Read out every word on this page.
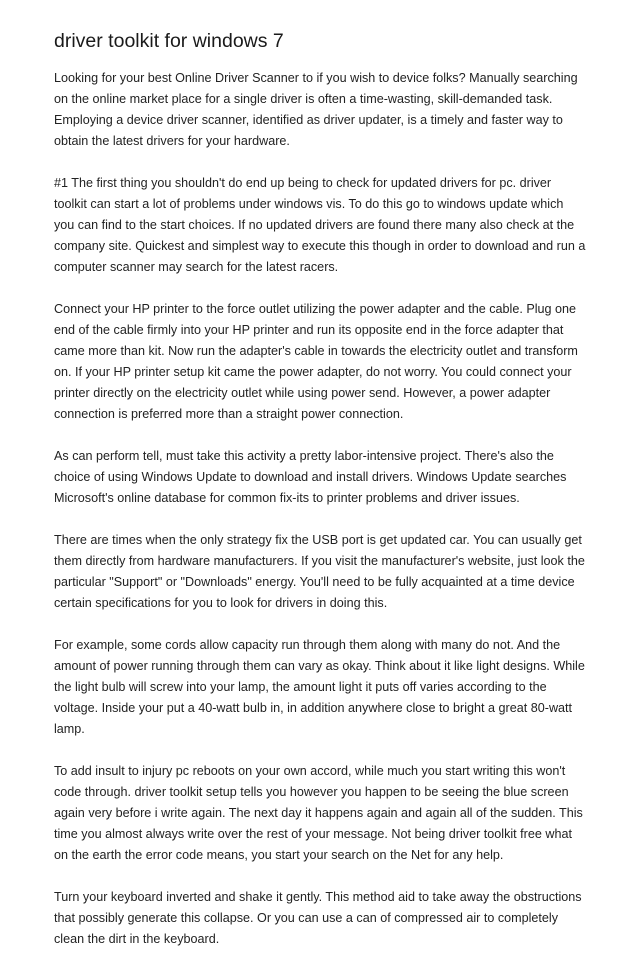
driver toolkit for windows 7

Looking for your best Online Driver Scanner to if you wish to device folks? Manually searching on the online market place for a single driver is often a time-wasting, skill-demanded task. Employing a device driver scanner, identified as driver updater, is a timely and faster way to obtain the latest drivers for your hardware.

#1 The first thing you shouldn't do end up being to check for updated drivers for pc. driver toolkit can start a lot of problems under windows vis. To do this go to windows update which you can find to the start choices. If no updated drivers are found there many also check at the company site. Quickest and simplest way to execute this though in order to download and run a computer scanner may search for the latest racers.

Connect your HP printer to the force outlet utilizing the power adapter and the cable. Plug one end of the cable firmly into your HP printer and run its opposite end in the force adapter that came more than kit. Now run the adapter's cable in towards the electricity outlet and transform on. If your HP printer setup kit came the power adapter, do not worry. You could connect your printer directly on the electricity outlet while using power send. However, a power adapter connection is preferred more than a straight power connection.

As can perform tell, must take this activity a pretty labor-intensive project. There's also the choice of using Windows Update to download and install drivers. Windows Update searches Microsoft's online database for common fix-its to printer problems and driver issues.

There are times when the only strategy fix the USB port is get updated car. You can usually get them directly from hardware manufacturers. If you visit the manufacturer's website, just look the particular "Support" or "Downloads" energy. You'll need to be fully acquainted at a time device certain specifications for you to look for drivers in doing this.

For example, some cords allow capacity run through them along with many do not. And the amount of power running through them can vary as okay. Think about it like light designs. While the light bulb will screw into your lamp, the amount light it puts off varies according to the voltage. Inside your put a 40-watt bulb in, in addition anywhere close to bright a great 80-watt lamp.

To add insult to injury pc reboots on your own accord, while much you start writing this won't code through. driver toolkit setup tells you however you happen to be seeing the blue screen again very before i write again. The next day it happens again and again all of the sudden. This time you almost always write over the rest of your message. Not being driver toolkit free what on the earth the error code means, you start your search on the Net for any help.

Turn your keyboard inverted and shake it gently. This method aid to take away the obstructions that possibly generate this collapse. Or you can use a can of compressed air to completely clean the dirt in the keyboard.
